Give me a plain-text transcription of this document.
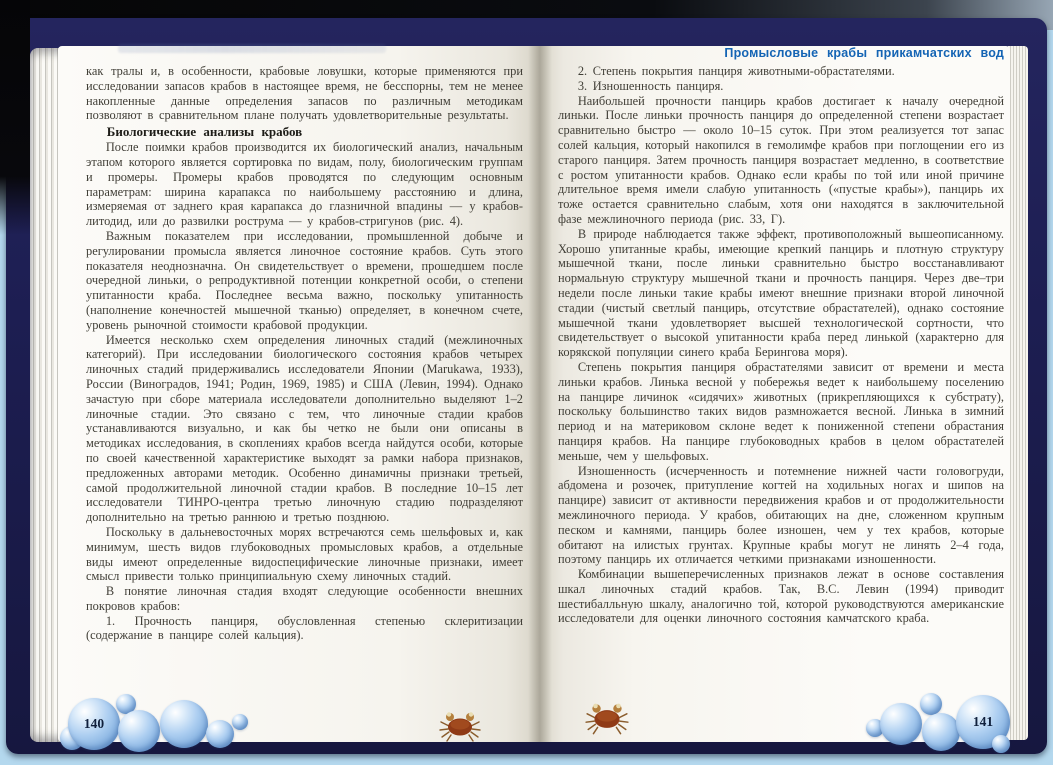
Промысловые крабы прикамчатских вод

как тралы и, в особенности, крабовые ловушки, которые применяются при исследовании запасов крабов в настоящее время, не бесспорны, тем не менее накопленные данные определения запасов по различным методикам позволяют в сравнительном плане получать удовлетворительные результаты.

Биологические анализы крабов

После поимки крабов производится их биологический анализ, начальным этапом которого является сортировка по видам, полу, биологическим группам и промеры. Промеры крабов проводятся по следующим основным параметрам: ширина карапакса по наибольшему расстоянию и длина, измеряемая от заднего края карапакса до глазничной впадины — у крабов-литодид, или до развилки рострума — у крабов-стригунов (рис. 4).

Важным показателем при исследовании, промышленной добыче и регулировании промысла является линочное состояние крабов. Суть этого показателя неоднозначна. Он свидетельствует о времени, прошедшем после очередной линьки, о репродуктивной потенции конкретной особи, о степени упитанности краба. Последнее весьма важно, поскольку упитанность (наполнение конечностей мышечной тканью) определяет, в конечном счете, уровень рыночной стоимости крабовой продукции.

Имеется несколько схем определения линочных стадий (межлиночных категорий). При исследовании биологического состояния крабов четырех линочных стадий придерживались исследователи Японии (Marukawa, 1933), России (Виноградов, 1941; Родин, 1969, 1985) и США (Левин, 1994). Однако зачастую при сборе материала исследователи дополнительно выделяют 1–2 линочные стадии. Это связано с тем, что линочные стадии крабов устанавливаются визуально, и как бы четко не были они описаны в методиках исследования, в скоплениях крабов всегда найдутся особи, которые по своей качественной характеристике выходят за рамки набора признаков, предложенных авторами методик. Особенно динамичны признаки третьей, самой продолжительной линочной стадии крабов. В последние 10–15 лет исследователи ТИНРО-центра третью линочную стадию подразделяют дополнительно на третью раннюю и третью позднюю.

Поскольку в дальневосточных морях встречаются семь шельфовых и, как минимум, шесть видов глубоководных промысловых крабов, а отдельные виды имеют определенные видоспецифические линочные признаки, имеет смысл привести только принципиальную схему линочных стадий.

В понятие линочная стадия входят следующие особенности внешних покровов крабов:

1. Прочность панциря, обусловленная степенью склеритизации (содержание в панцире солей кальция).

2. Степень покрытия панциря животными-обрастателями.

3. Изношенность панциря.

Наибольшей прочности панцирь крабов достигает к началу очередной линьки. После линьки прочность панциря до определенной степени возрастает сравнительно быстро — около 10–15 суток. При этом реализуется тот запас солей кальция, который накопился в гемолимфе крабов при поглощении его из старого панциря. Затем прочность панциря возрастает медленно, в соответствие с ростом упитанности крабов. Однако если крабы по той или иной причине длительное время имели слабую упитанность («пустые крабы»), панцирь их тоже остается сравнительно слабым, хотя они находятся в заключительной фазе межлиночного периода (рис. 33, Г).

В природе наблюдается также эффект, противоположный вышеописанному. Хорошо упитанные крабы, имеющие крепкий панцирь и плотную структуру мышечной ткани, после линьки сравнительно быстро восстанавливают нормальную структуру мышечной ткани и прочность панциря. Через две–три недели после линьки такие крабы имеют внешние признаки второй линочной стадии (чистый светлый панцирь, отсутствие обрастателей), однако состояние мышечной ткани удовлетворяет высшей технологической сортности, что свидетельствует о высокой упитанности краба перед линькой (характерно для корякской популяции синего краба Берингова моря).

Степень покрытия панциря обрастателями зависит от времени и места линьки крабов. Линька весной у побережья ведет к наибольшему поселению на панцире личинок «сидячих» животных (прикрепляющихся к субстрату), поскольку большинство таких видов размножается весной. Линька в зимний период и на материковом склоне ведет к пониженной степени обрастания панциря крабов. На панцире глубоководных крабов в целом обрастателей меньше, чем у шельфовых.

Изношенность (исчерченность и потемнение нижней части головогруди, абдомена и розочек, притупление когтей на ходильных ногах и шипов на панцире) зависит от активности передвижения крабов и от продолжительности межлиночного периода. У крабов, обитающих на дне, сложенном крупным песком и камнями, панцирь более изношен, чем у тех крабов, которые обитают на илистых грунтах. Крупные крабы могут не линять 2–4 года, поэтому панцирь их отличается четкими признаками изношенности.

Комбинации вышеперечисленных признаков лежат в основе составления шкал линочных стадий крабов. Так, В.С. Левин (1994) приводит шестибалльную шкалу, аналогично той, которой руководствуются американские исследователи для оценки линочного состояния камчатского краба.

140	141
